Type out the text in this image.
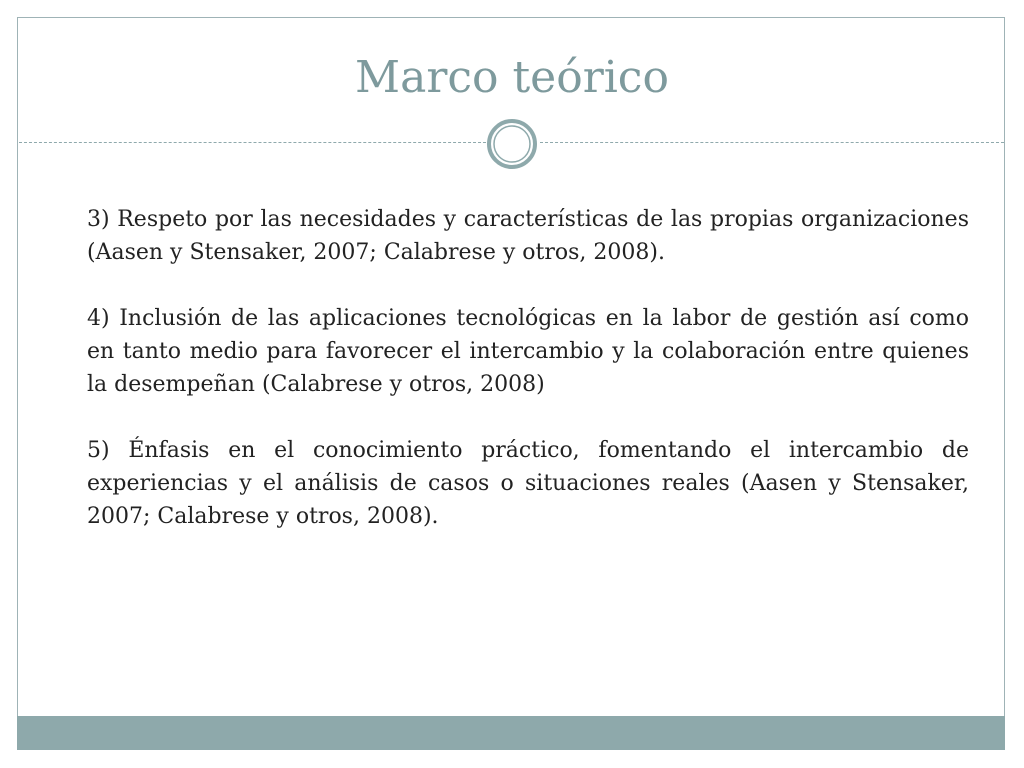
Marco teórico

3) Respeto por las necesidades y características de las propias organizaciones (Aasen y Stensaker, 2007; Calabrese y otros, 2008).

4) Inclusión de las aplicaciones tecnológicas en la labor de gestión así como en tanto medio para favorecer el intercambio y la colaboración entre quienes la desempeñan (Calabrese y otros, 2008)

5) Énfasis en el conocimiento práctico, fomentando el intercambio de experiencias y el análisis de casos o situaciones reales (Aasen y Stensaker, 2007; Calabrese y otros, 2008).
